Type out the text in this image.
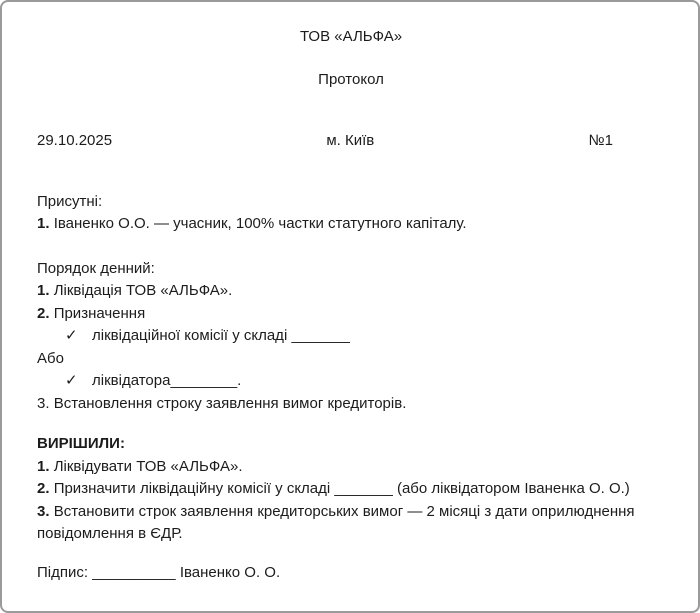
ТОВ «АЛЬФА»

Протокол

29.10.2025	м. Київ	№1

Присутні:

1. Іваненко О.О. — учасник, 100% частки статутного капіталу.

Порядок денний:

1. Ліквідація ТОВ «АЛЬФА».

2. Призначення

✓ ліквідаційної комісії у складі _______

Або

✓ ліквідатора________.

3. Встановлення строку заявлення вимог кредиторів.

ВИРІШИЛИ:

1. Ліквідувати ТОВ «АЛЬФА».

2. Призначити ліквідаційну комісії у складі _______ (або ліквідатором Іваненка О. О.)

3. Встановити строк заявлення кредиторських вимог — 2 місяці з дати оприлюднення повідомлення в ЄДР.

Підпис: __________ Іваненко О. О.
